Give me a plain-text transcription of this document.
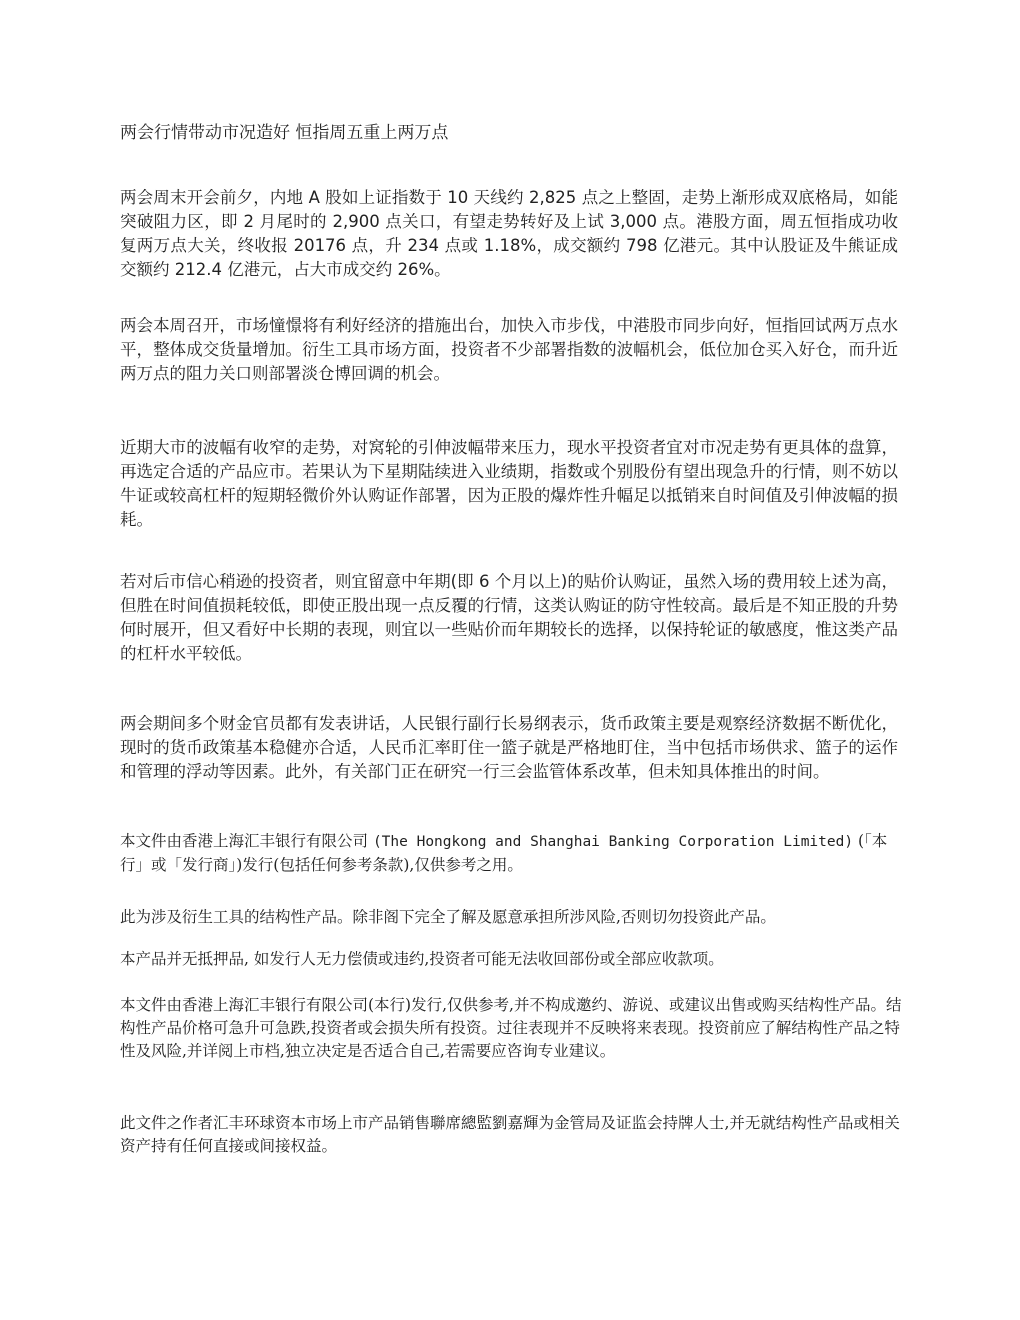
两会行情带动市况造好 恒指周五重上两万点

两会周末开会前夕，内地 A 股如上证指数于 10 天线约 2,825 点之上整固，走势上渐形成双底格局，如能突破阻力区，即 2 月尾时的 2,900 点关口，有望走势转好及上试 3,000 点。港股方面，周五恒指成功收复两万点大关，终收报 20176 点，升 234 点或 1.18%，成交额约 798 亿港元。其中认股证及牛熊证成交额约 212.4 亿港元，占大市成交约 26%。

两会本周召开，市场憧憬将有利好经济的措施出台，加快入市步伐，中港股市同步向好，恒指回试两万点水平，整体成交货量增加。衍生工具市场方面，投资者不少部署指数的波幅机会，低位加仓买入好仓，而升近两万点的阻力关口则部署淡仓博回调的机会。

近期大市的波幅有收窄的走势，对窝轮的引伸波幅带来压力，现水平投资者宜对市况走势有更具体的盘算，再选定合适的产品应市。若果认为下星期陆续进入业绩期，指数或个别股份有望出现急升的行情，则不妨以牛证或较高杠杆的短期轻微价外认购证作部署，因为正股的爆炸性升幅足以抵销来自时间值及引伸波幅的损耗。

若对后市信心稍逊的投资者，则宜留意中年期(即 6 个月以上)的贴价认购证，虽然入场的费用较上述为高，但胜在时间值损耗较低，即使正股出现一点反覆的行情，这类认购证的防守性较高。最后是不知正股的升势何时展开，但又看好中长期的表现，则宜以一些贴价而年期较长的选择，以保持轮证的敏感度，惟这类产品的杠杆水平较低。

两会期间多个财金官员都有发表讲话，人民银行副行长易纲表示，货币政策主要是观察经济数据不断优化，现时的货币政策基本稳健亦合适，人民币汇率盯住一篮子就是严格地盯住，当中包括市场供求、篮子的运作和管理的浮动等因素。此外，有关部门正在研究一行三会监管体系改革，但未知具体推出的时间。

本文件由香港上海汇丰银行有限公司 (The Hongkong and Shanghai Banking Corporation Limited) (「本行」或「发行商」)发行(包括任何参考条款),仅供参考之用。

此为涉及衍生工具的结构性产品。除非阁下完全了解及愿意承担所涉风险,否则切勿投资此产品。

本产品并无抵押品, 如发行人无力偿债或违约,投资者可能无法收回部份或全部应收款项。

本文件由香港上海汇丰银行有限公司(本行)发行,仅供参考,并不构成邀约、游说、或建议出售或购买结构性产品。结构性产品价格可急升可急跌,投资者或会损失所有投资。过往表现并不反映将来表现。投资前应了解结构性产品之特性及风险,并详阅上市档,独立决定是否适合自己,若需要应咨询专业建议。

此文件之作者汇丰环球资本市场上市产品销售聯席總監劉嘉輝为金管局及证监会持牌人士,并无就结构性产品或相关资产持有任何直接或间接权益。
